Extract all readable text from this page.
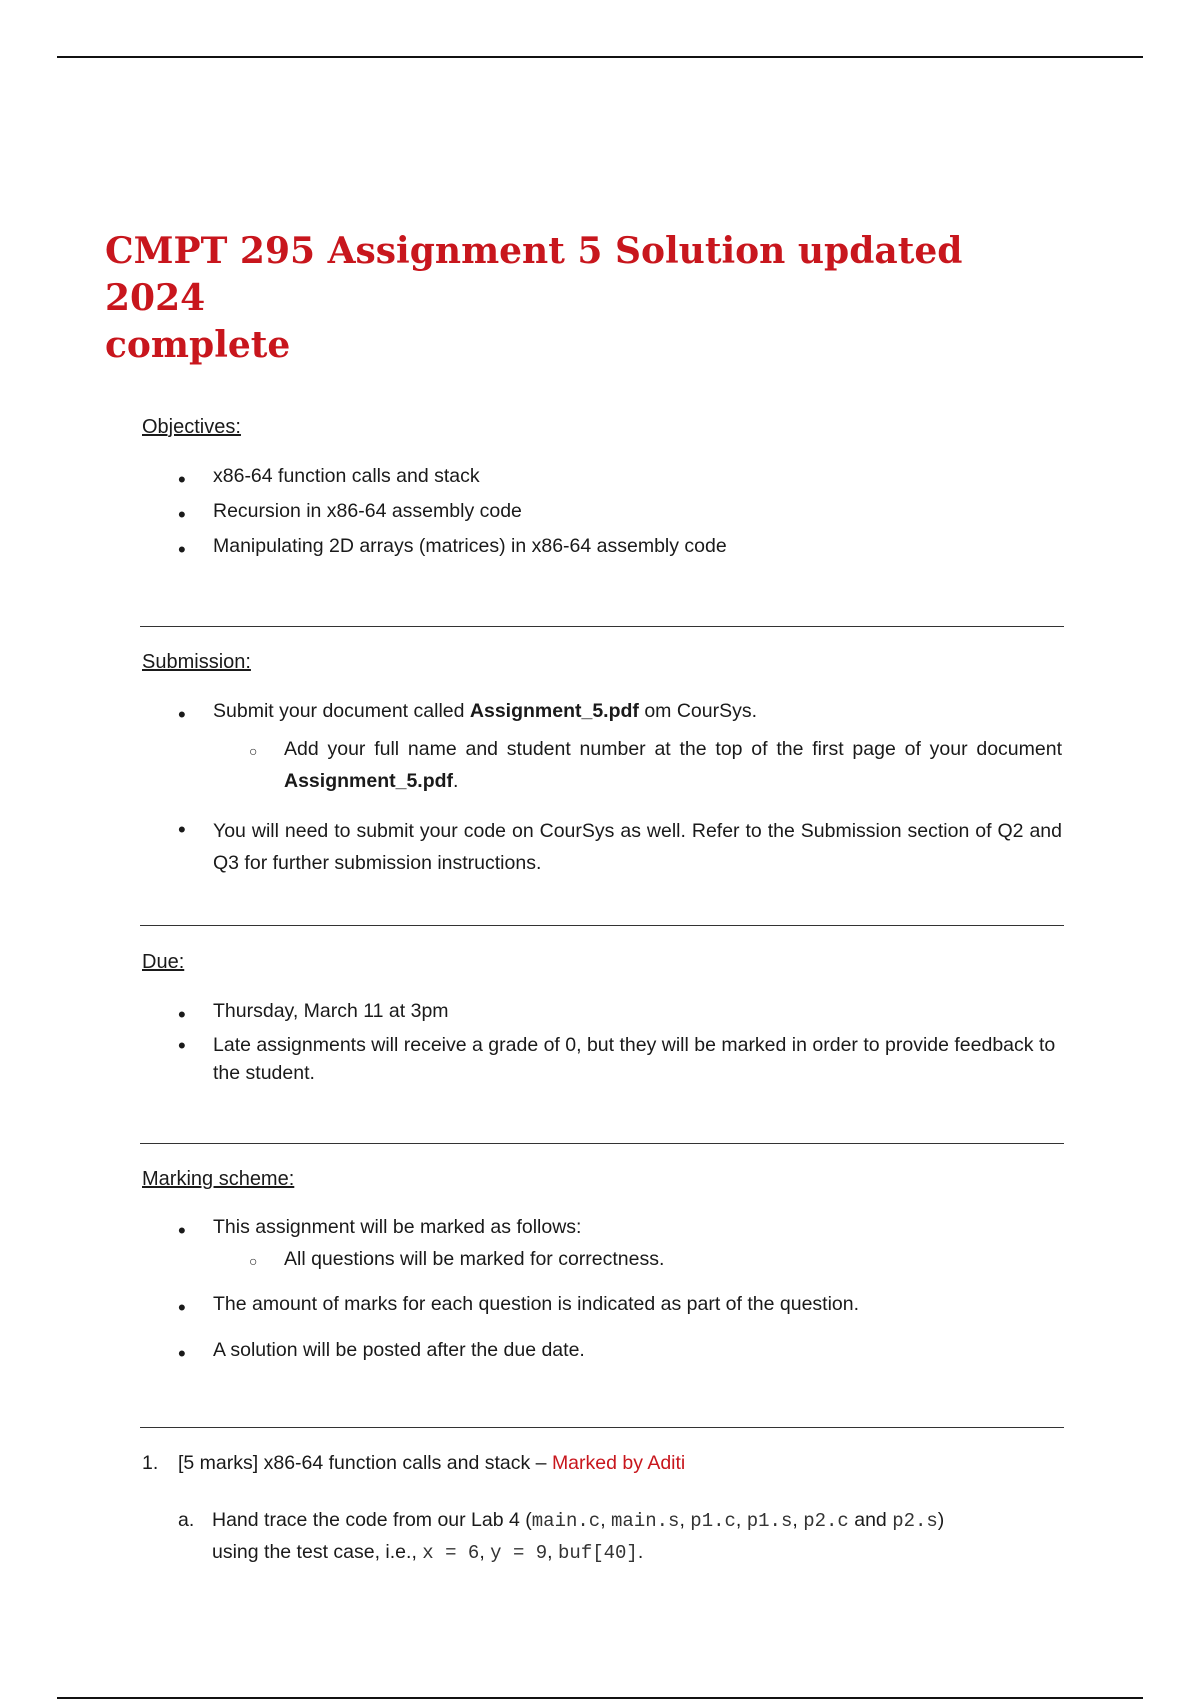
CMPT 295 Assignment 5 Solution updated 2024
complete
Objectives:
• x86-64 function calls and stack
• Recursion in x86-64 assembly code
• Manipulating 2D arrays (matrices) in x86-64 assembly code
Submission:
• Submit your document called Assignment_5.pdf om CourSys.
○ Add your full name and student number at the top of the first page of your document Assignment_5.pdf.
• You will need to submit your code on CourSys as well. Refer to the Submission section of Q2 and Q3 for further submission instructions.
Due:
• Thursday, March 11 at 3pm
• Late assignments will receive a grade of 0, but they will be marked in order to provide feedback to the student.
Marking scheme:
• This assignment will be marked as follows:
○ All questions will be marked for correctness.
• The amount of marks for each question is indicated as part of the question.
• A solution will be posted after the due date.
1. [5 marks] x86-64 function calls and stack – Marked by Aditi
a. Hand trace the code from our Lab 4 (main.c, main.s, p1.c, p1.s, p2.c and p2.s)
using the test case, i.e., x = 6, y = 9, buf[40].
